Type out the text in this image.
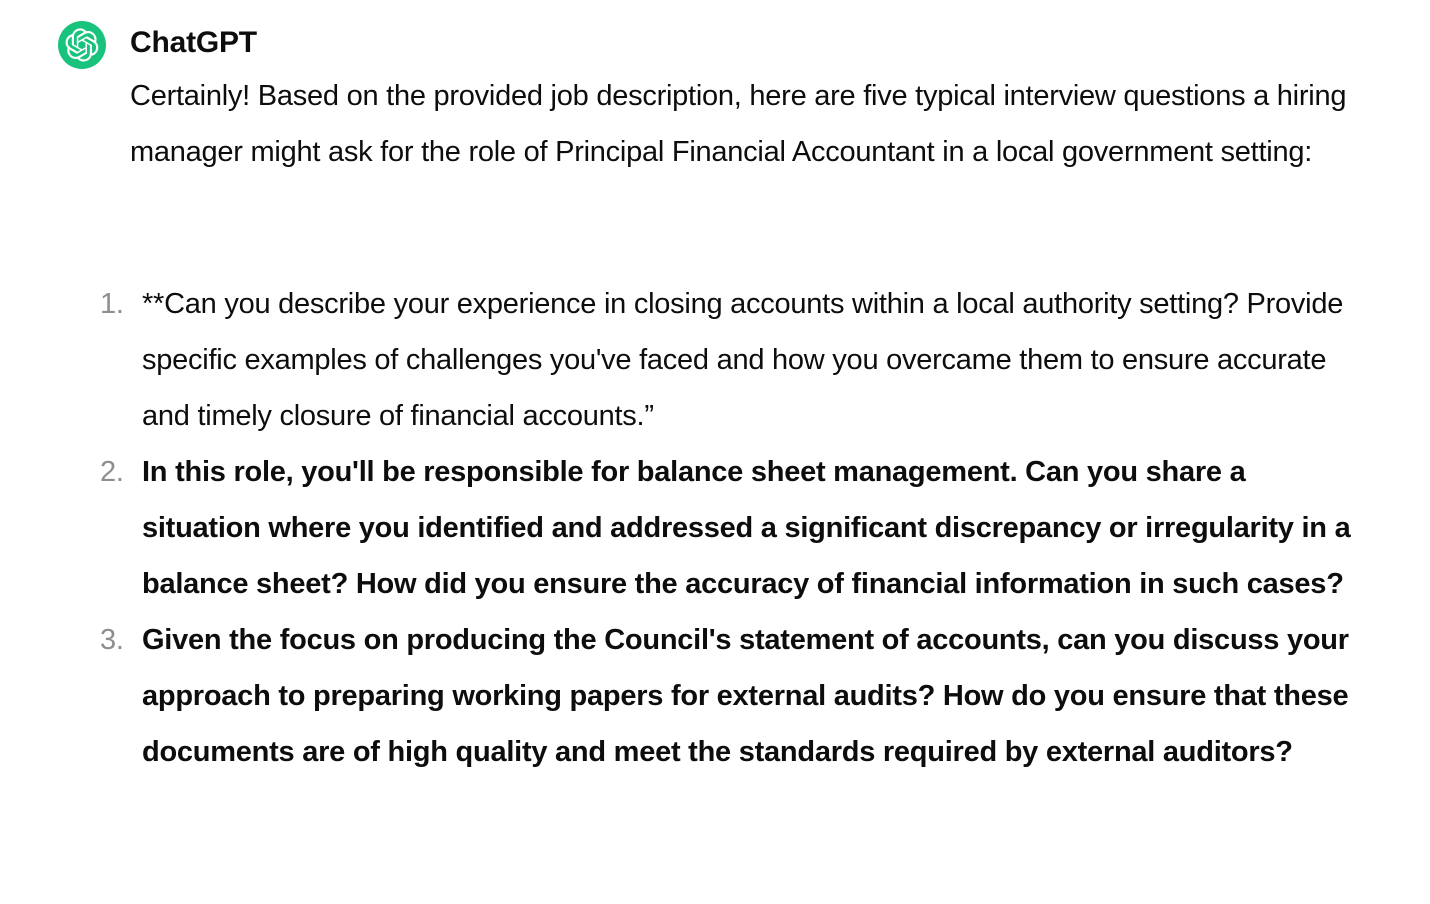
ChatGPT

Certainly! Based on the provided job description, here are five typical interview questions a hiring manager might ask for the role of Principal Financial Accountant in a local government setting:

1. **Can you describe your experience in closing accounts within a local authority setting? Provide specific examples of challenges you've faced and how you overcame them to ensure accurate and timely closure of financial accounts.”
2. In this role, you'll be responsible for balance sheet management. Can you share a situation where you identified and addressed a significant discrepancy or irregularity in a balance sheet? How did you ensure the accuracy of financial information in such cases?
3. Given the focus on producing the Council's statement of accounts, can you discuss your approach to preparing working papers for external audits? How do you ensure that these documents are of high quality and meet the standards required by external auditors?
